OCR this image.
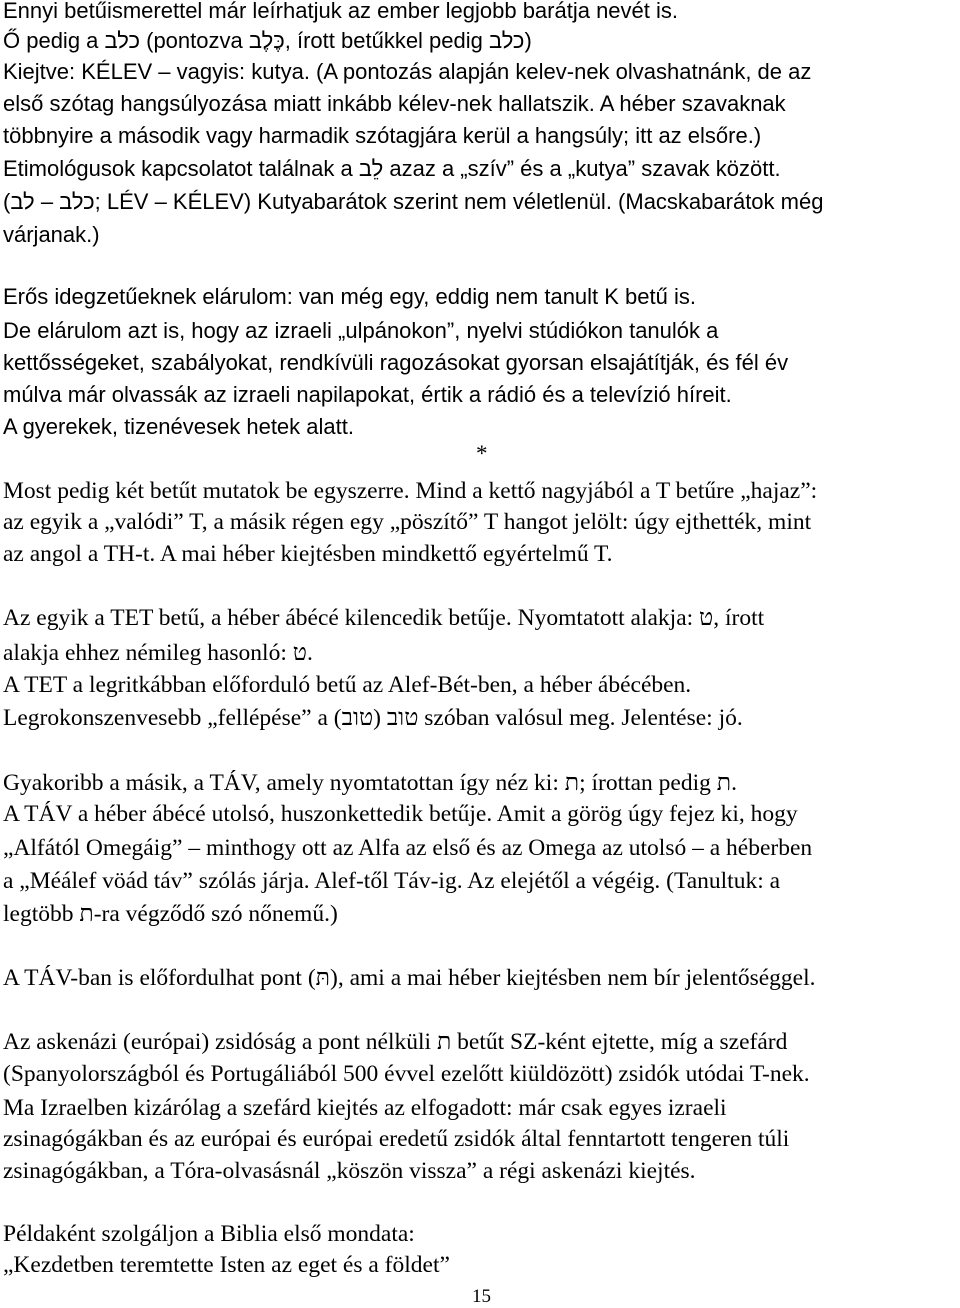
Ennyi betűismerettel már leírhatjuk az ember legjobb barátja nevét is.
Ő pedig a כלב (pontozva כֶּלֶב, írott betűkkel pedig כלב)
Kiejtve: KÉLEV – vagyis: kutya. (A pontozás alapján kelev-nek olvashatnánk, de az
első szótag hangsúlyozása miatt inkább kélev-nek hallatszik. A héber szavaknak
többnyire a második vagy harmadik szótagjára kerül a hangsúly; itt az elsőre.)
Etimológusok kapcsolatot találnak a לֵב azaz a „szív” és a „kutya” szavak között.
(כלב – לב; LÉV – KÉLEV) Kutyabarátok szerint nem véletlenül. (Macskabarátok még
várjanak.)
Erős idegzetűeknek elárulom: van még egy, eddig nem tanult K betű is.
De elárulom azt is, hogy az izraeli „ulpánokon”, nyelvi stúdiókon tanulók a
kettősségeket, szabályokat, rendkívüli ragozásokat gyorsan elsajátítják, és fél év
múlva már olvassák az izraeli napilapokat, értik a rádió és a televízió híreit.
A gyerekek, tizenévesek hetek alatt.
*
Most pedig két betűt mutatok be egyszerre. Mind a kettő nagyjából a T betűre „hajaz”:
az egyik a „valódi” T, a másik régen egy „pöszítő” T hangot jelölt: úgy ejthették, mint
az angol a TH-t. A mai héber kiejtésben mindkettő egyértelmű T.
Az egyik a TET betű, a héber ábécé kilencedik betűje. Nyomtatott alakja: ט, írott
alakja ehhez némileg hasonló: ט.
A TET a legritkábban előforduló betű az Alef-Bét-ben, a héber ábécében.
Legrokonszenvesebb „fellépése” a טוב (טוב) szóban valósul meg. Jelentése: jó.
Gyakoribb a másik, a TÁV, amely nyomtatottan így néz ki: ת; írottan pedig ת.
A TÁV a héber ábécé utolsó, huszonkettedik betűje. Amit a görög úgy fejez ki, hogy
„Alfától Omegáig” – minthogy ott az Alfa az első és az Omega az utolsó – a héberben
a „Méálef vöád táv” szólás járja. Alef-től Táv-ig. Az elejétől a végéig. (Tanultuk: a
legtöbb ת-ra végződő szó nőnemű.)
A TÁV-ban is előfordulhat pont (תּ), ami a mai héber kiejtésben nem bír jelentőséggel.
Az askenázi (európai) zsidóság a pont nélküli ת betűt SZ-ként ejtette, míg a szefárd
(Spanyolországból és Portugáliából 500 évvel ezelőtt kiüldözött) zsidók utódai T-nek.
Ma Izraelben kizárólag a szefárd kiejtés az elfogadott: már csak egyes izraeli
zsinagógákban és az európai és európai eredetű zsidók által fenntartott tengeren túli
zsinagógákban, a Tóra-olvasásnál „köszön vissza” a régi askenázi kiejtés.
Példaként szolgáljon a Biblia első mondata:
„Kezdetben teremtette Isten az eget és a földet”
15
